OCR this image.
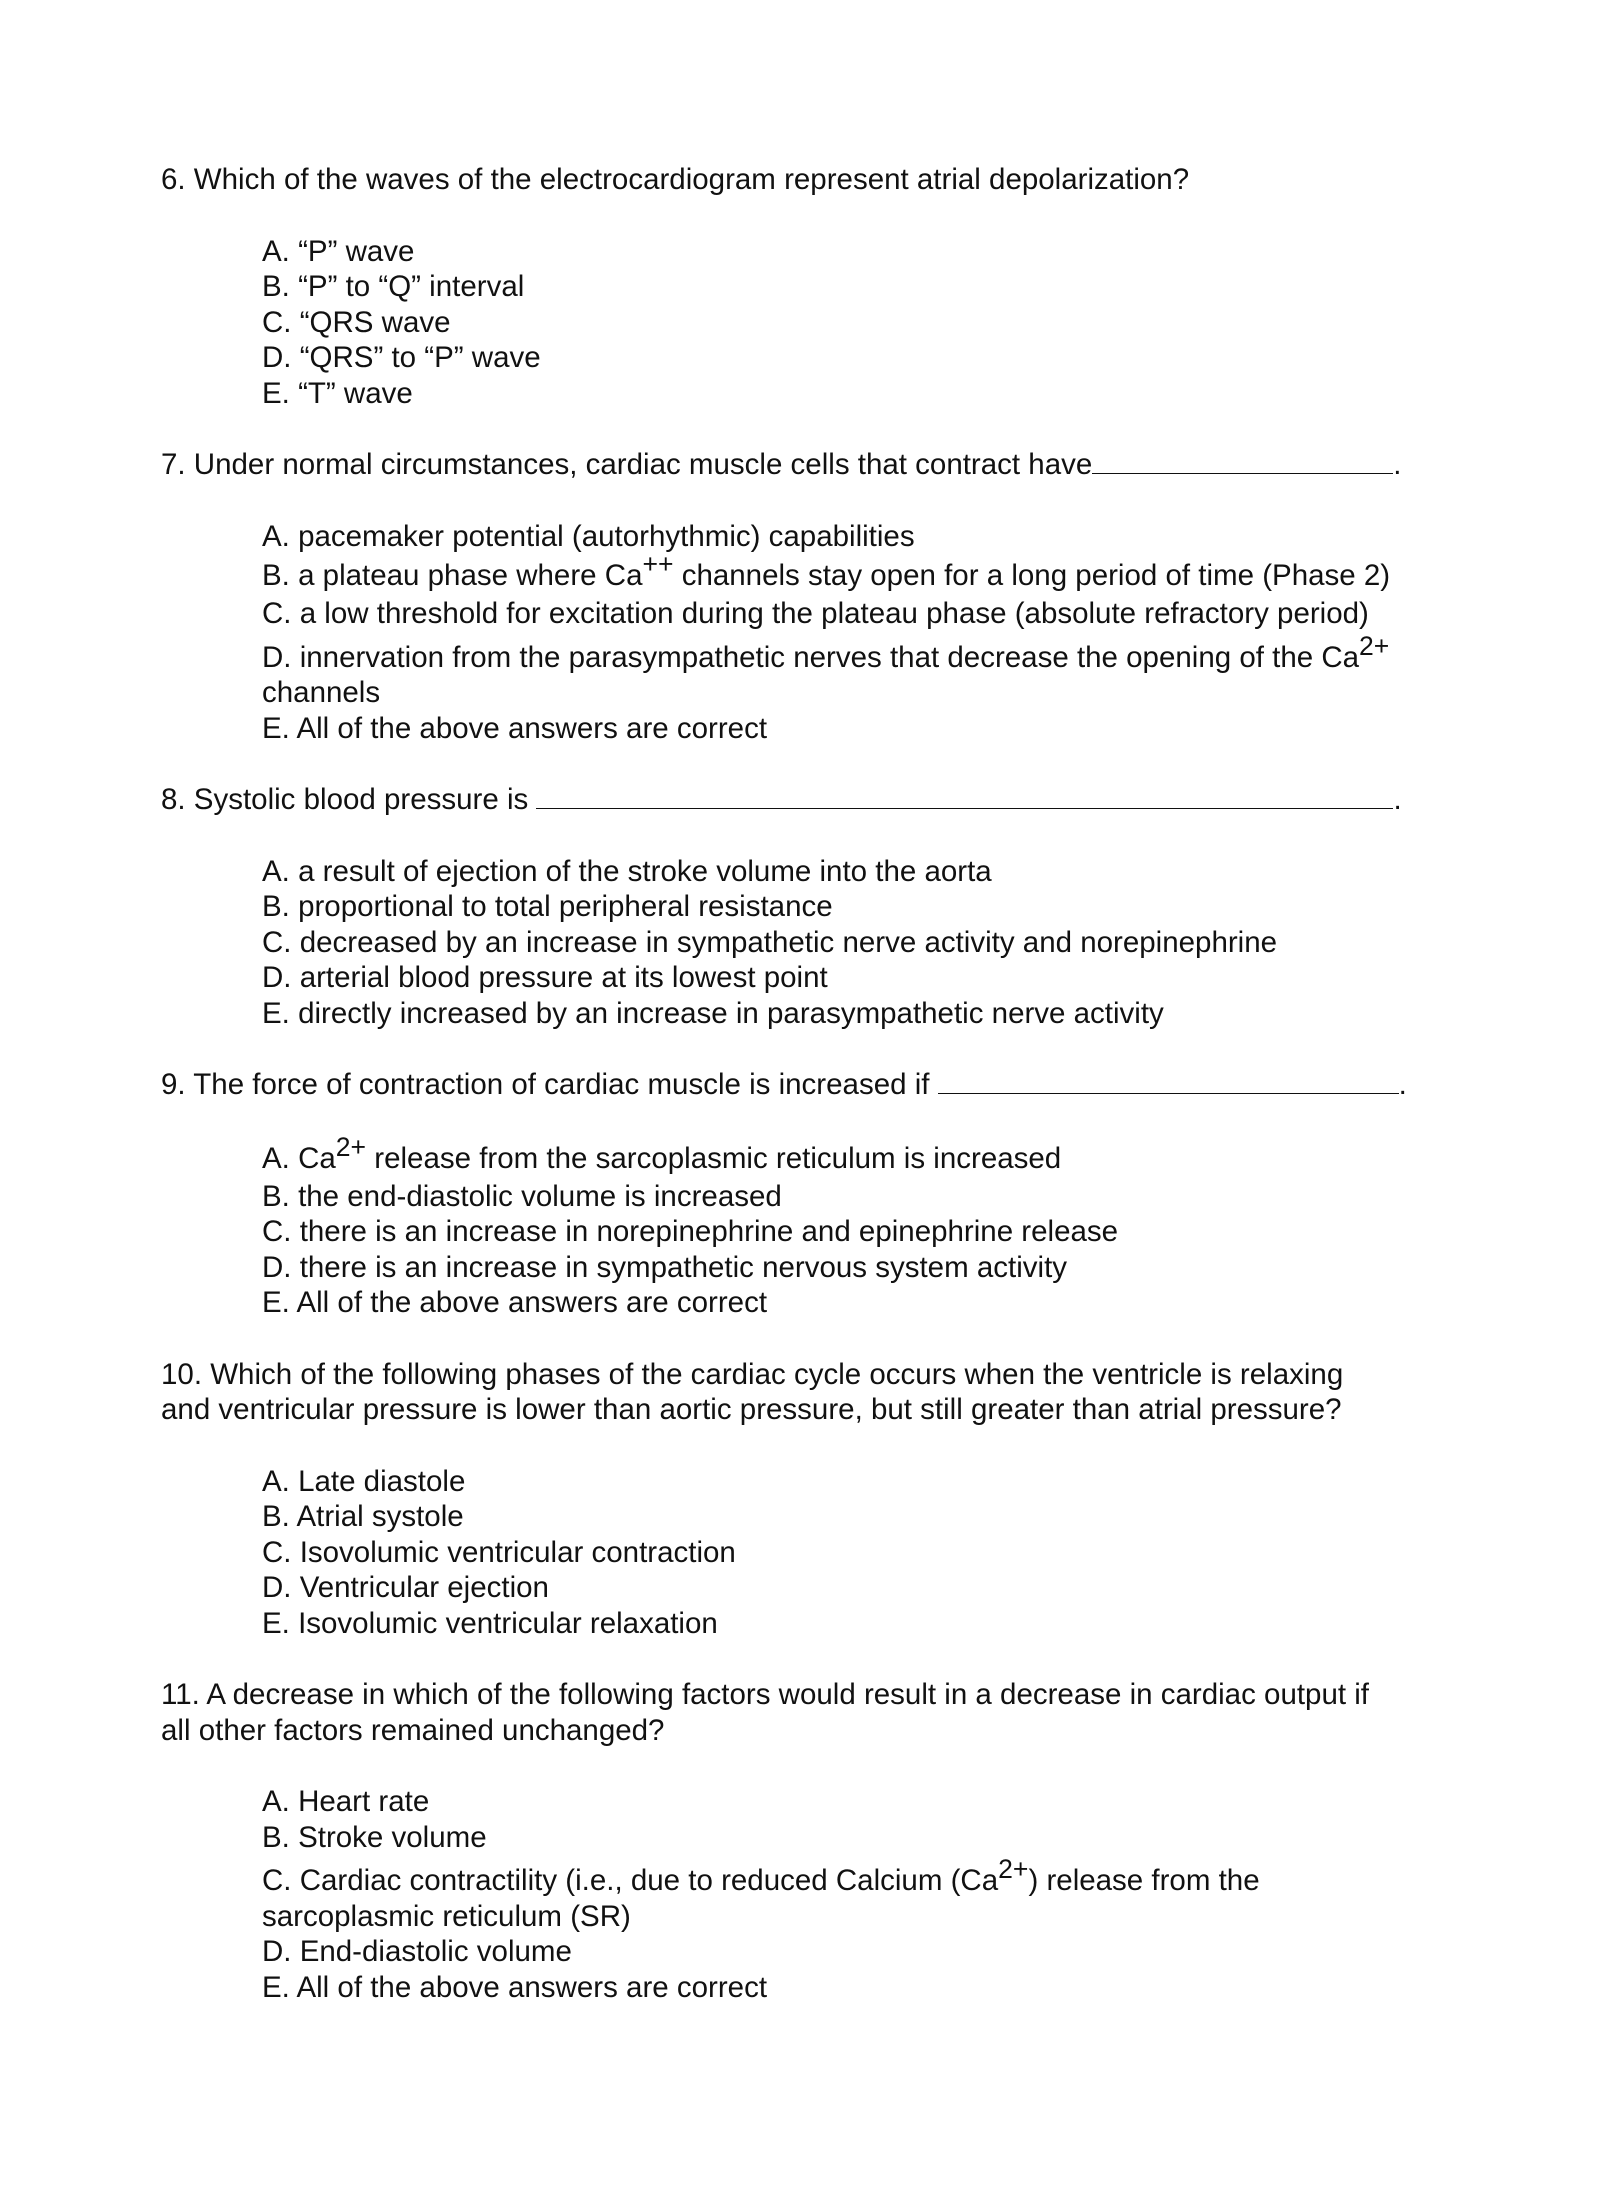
6. Which of the waves of the electrocardiogram represent atrial depolarization?

A. “P” wave
B. “P” to “Q” interval
C. “QRS wave
D. “QRS” to “P” wave
E. “T” wave

7. Under normal circumstances, cardiac muscle cells that contract have	.

A. pacemaker potential (autorhythmic) capabilities
B. a plateau phase where Ca++ channels stay open for a long period of time (Phase 2)
C. a low threshold for excitation during the plateau phase (absolute refractory period)
D. innervation from the parasympathetic nerves that decrease the opening of the $Ca^{2+}$
channels
E. All of the above answers are correct

8. Systolic blood pressure is	.

A. a result of ejection of the stroke volume into the aorta
B. proportional to total peripheral resistance
C. decreased by an increase in sympathetic nerve activity and norepinephrine
D. arterial blood pressure at its lowest point
E. directly increased by an increase in parasympathetic nerve activity

9. The force of contraction of cardiac muscle is increased if	.

A. $Ca^{2+}$ release from the sarcoplasmic reticulum is increased
B. the end-diastolic volume is increased
C. there is an increase in norepinephrine and epinephrine release
D. there is an increase in sympathetic nervous system activity
E. All of the above answers are correct

10. Which of the following phases of the cardiac cycle occurs when the ventricle is relaxing
and ventricular pressure is lower than aortic pressure, but still greater than atrial pressure?

A. Late diastole
B. Atrial systole
C. Isovolumic ventricular contraction
D. Ventricular ejection
E. Isovolumic ventricular relaxation

11. A decrease in which of the following factors would result in a decrease in cardiac output if
all other factors remained unchanged?

A. Heart rate
B. Stroke volume
C. Cardiac contractility (i.e., due to reduced Calcium $(Ca^{2+})$ release from the
sarcoplasmic reticulum (SR)
D. End-diastolic volume
E. All of the above answers are correct
